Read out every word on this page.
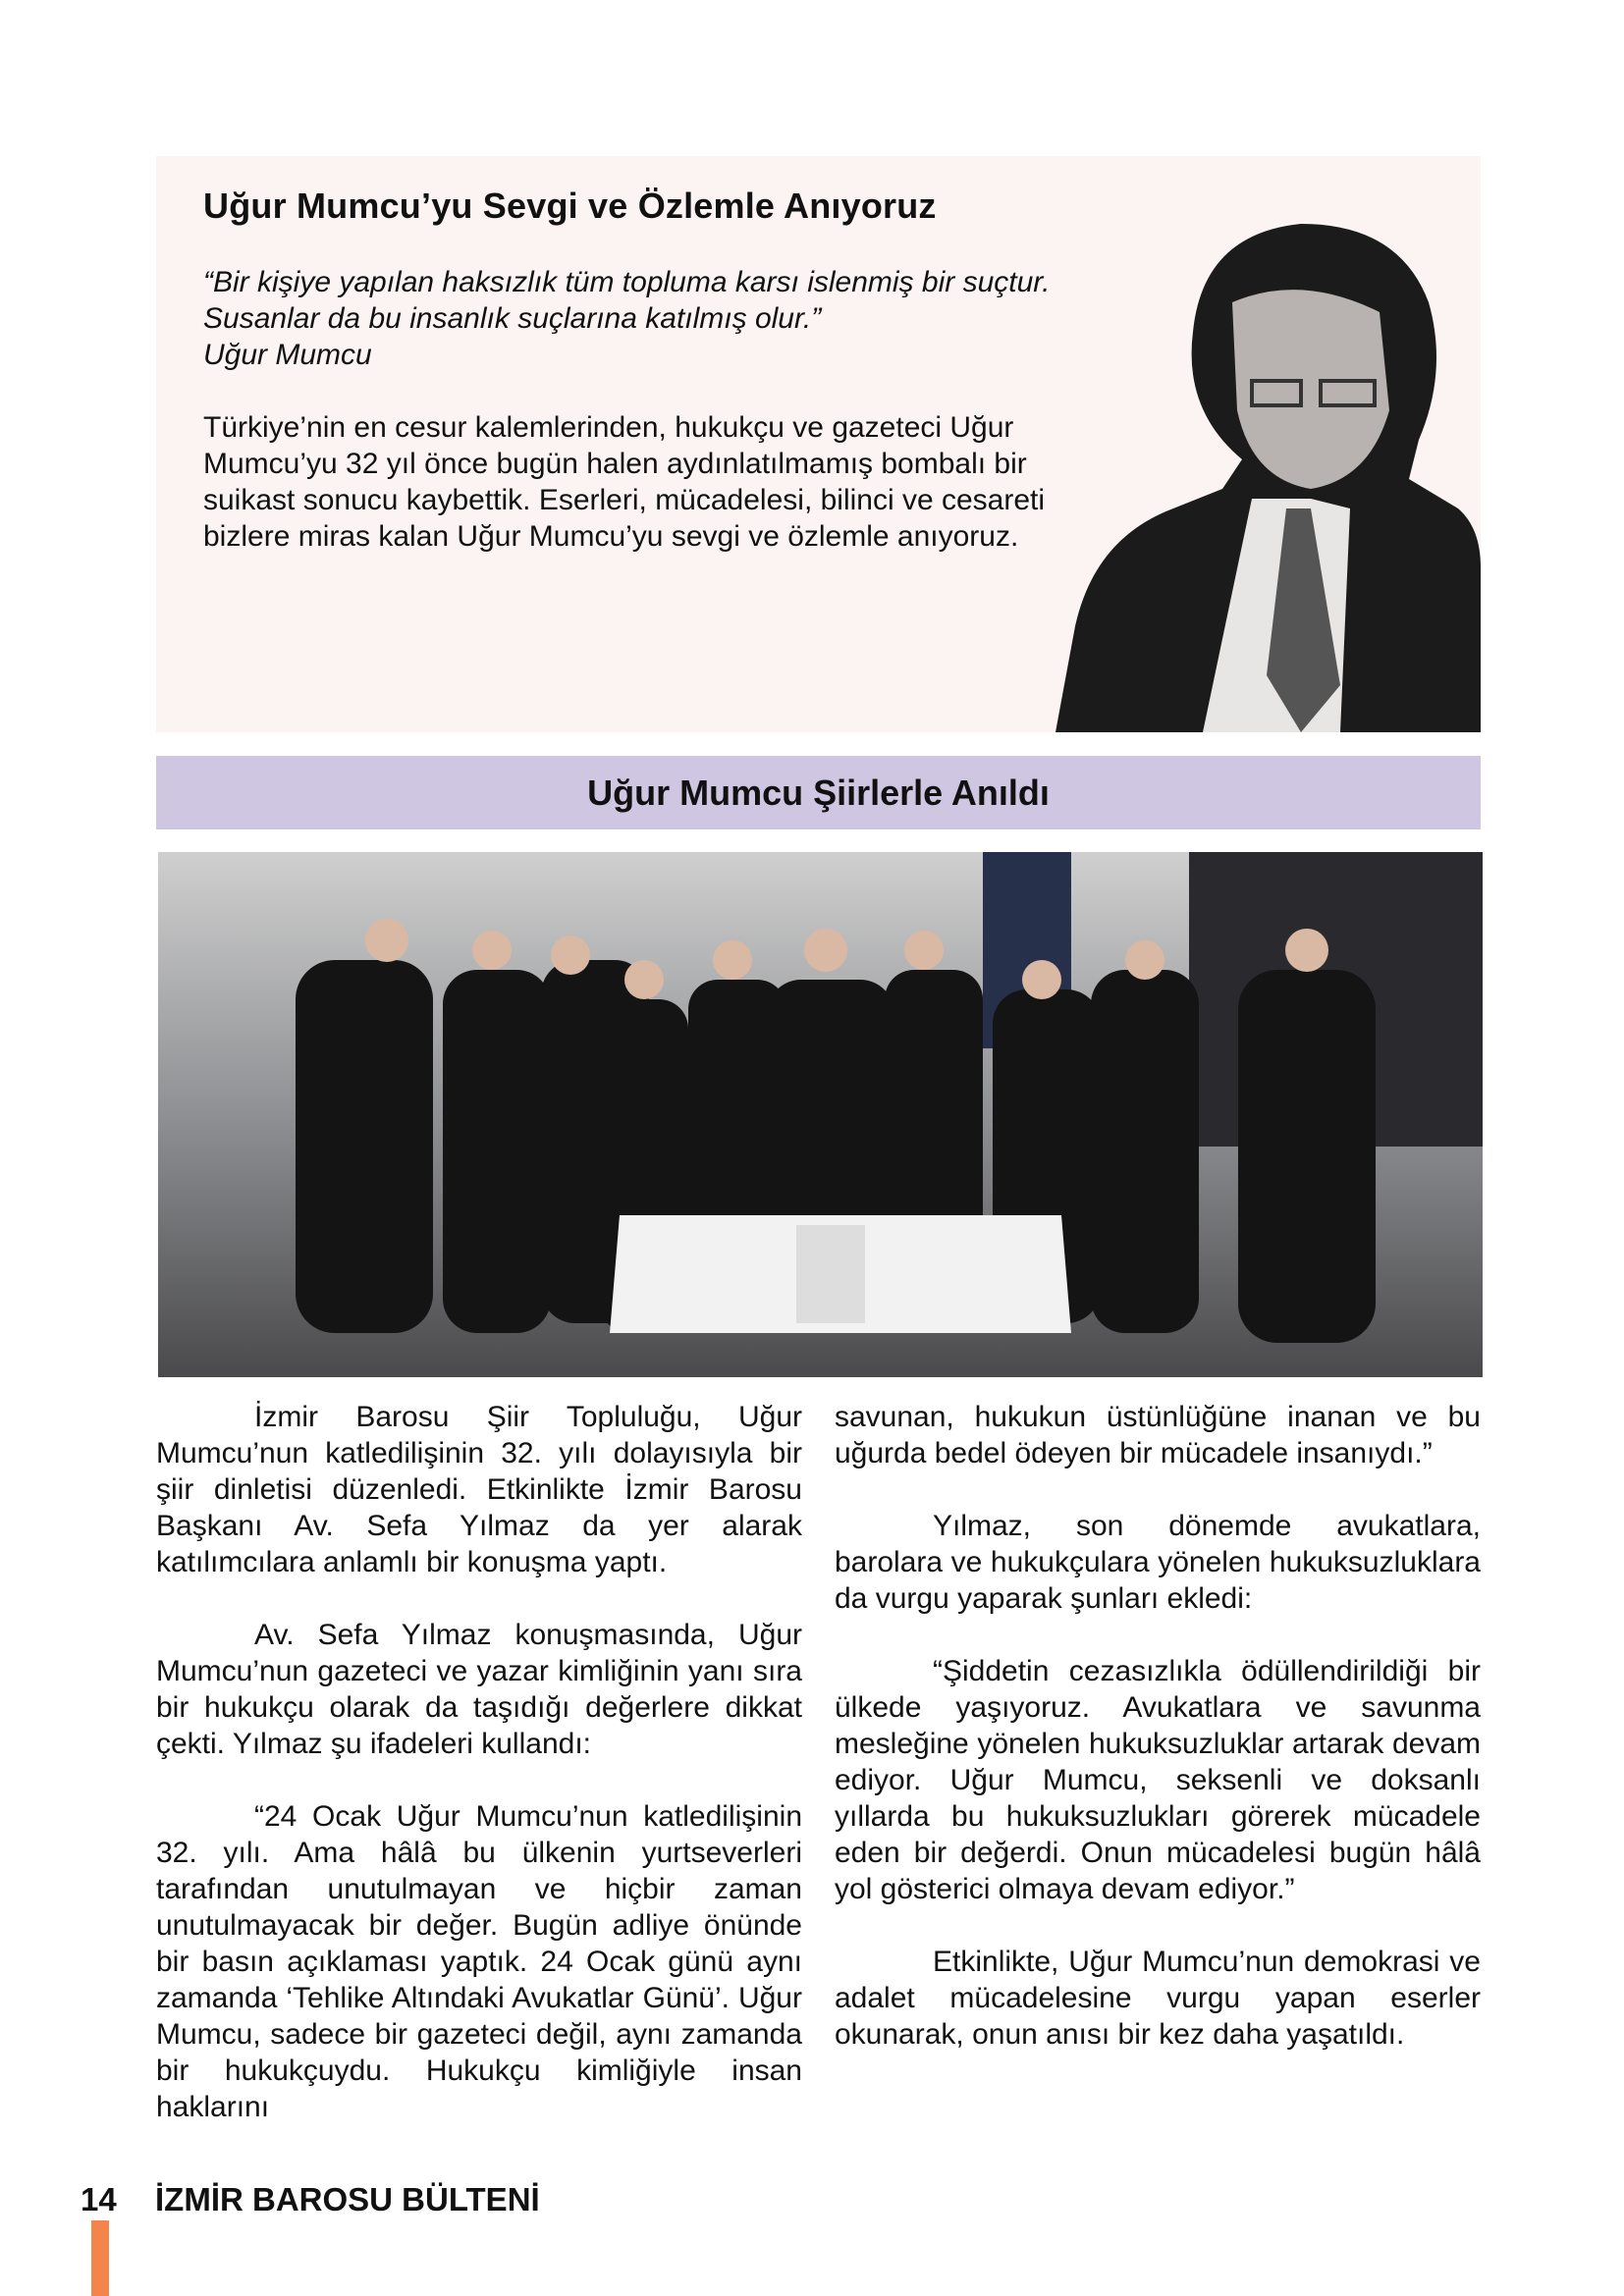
Uğur Mumcu’yu Sevgi ve Özlemle Anıyoruz

“Bir kişiye yapılan haksızlık tüm topluma karsı islenmiş bir suçtur. Susanlar da bu insanlık suçlarına katılmış olur.”
Uğur Mumcu

Türkiye’nin en cesur kalemlerinden, hukukçu ve gazeteci Uğur Mumcu’yu 32 yıl önce bugün halen aydınlatılmamış bombalı bir suikast sonucu kaybettik. Eserleri, mücadelesi, bilinci ve cesareti bizlere miras kalan Uğur Mumcu’yu sevgi ve özlemle anıyoruz.

Uğur Mumcu Şiirlerle Anıldı

İzmir Barosu Şiir Topluluğu, Uğur Mumcu’nun katledilişinin 32. yılı dolayısıyla bir şiir dinletisi düzenledi. Etkinlikte İzmir Barosu Başkanı Av. Sefa Yılmaz da yer alarak katılımcılara anlamlı bir konuşma yaptı.

Av. Sefa Yılmaz konuşmasında, Uğur Mumcu’nun gazeteci ve yazar kimliğinin yanı sıra bir hukukçu olarak da taşıdığı değerlere dikkat çekti. Yılmaz şu ifadeleri kullandı:

“24 Ocak Uğur Mumcu’nun katledilişinin 32. yılı. Ama hâlâ bu ülkenin yurtseverleri tarafından unutulmayan ve hiçbir zaman unutulmayacak bir değer. Bugün adliye önünde bir basın açıklaması yaptık. 24 Ocak günü aynı zamanda ‘Tehlike Altındaki Avukatlar Günü’. Uğur Mumcu, sadece bir gazeteci değil, aynı zamanda bir hukukçuydu. Hukukçu kimliğiyle insan haklarını

savunan, hukukun üstünlüğüne inanan ve bu uğurda bedel ödeyen bir mücadele insanıydı.”

Yılmaz, son dönemde avukatlara, barolara ve hukukçulara yönelen hukuksuzluklara da vurgu yaparak şunları ekledi:

“Şiddetin cezasızlıkla ödüllendirildiği bir ülkede yaşıyoruz. Avukatlara ve savunma mesleğine yönelen hukuksuzluklar artarak devam ediyor. Uğur Mumcu, seksenli ve doksanlı yıllarda bu hukuksuzlukları görerek mücadele eden bir değerdi. Onun mücadelesi bugün hâlâ yol gösterici olmaya devam ediyor.”

Etkinlikte, Uğur Mumcu’nun demokrasi ve adalet mücadelesine vurgu yapan eserler okunarak, onun anısı bir kez daha yaşatıldı.

14 İZMİR BAROSU BÜLTENİ
